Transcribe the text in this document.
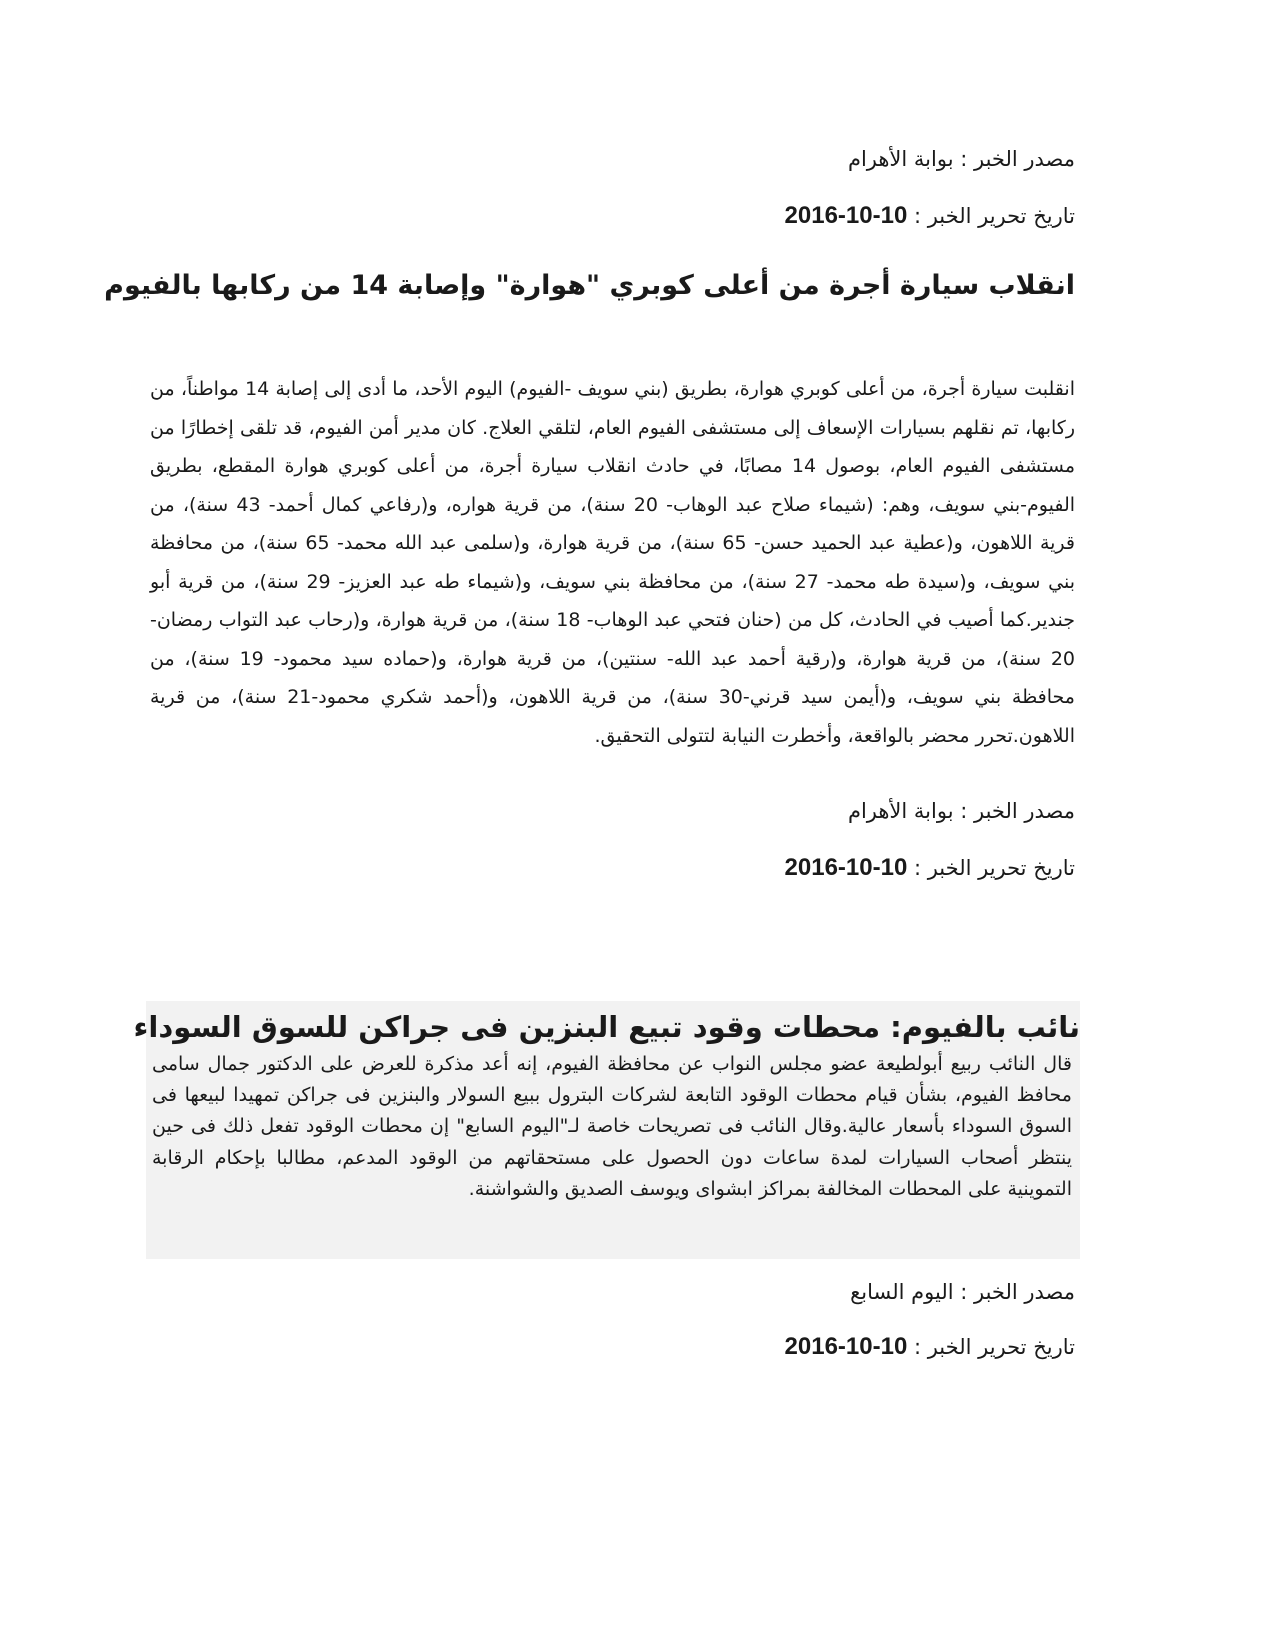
مصدر الخبر : بوابة الأهرام
تاريخ تحرير الخبر : 2016-10-10
انقلاب سيارة أجرة من أعلى كوبري "هوارة" وإصابة 14 من ركابها بالفيوم
انقلبت سيارة أجرة، من أعلى كوبري هوارة، بطريق (بني سويف -الفيوم) اليوم الأحد، ما أدى إلى إصابة 14 مواطناً، من ركابها، تم نقلهم بسيارات الإسعاف إلى مستشفى الفيوم العام، لتلقي العلاج. كان مدير أمن الفيوم، قد تلقى إخطارًا من مستشفى الفيوم العام، بوصول 14 مصابًا، في حادث انقلاب سيارة أجرة، من أعلى كوبري هوارة المقطع، بطريق الفيوم-بني سويف، وهم: (شيماء صلاح عبد الوهاب- 20 سنة)، من قرية هواره، و(رفاعي كمال أحمد- 43 سنة)، من قرية اللاهون، و(عطية عبد الحميد حسن- 65 سنة)، من قرية هوارة، و(سلمى عبد الله محمد- 65 سنة)، من محافظة بني سويف، و(سيدة طه محمد- 27 سنة)، من محافظة بني سويف، و(شيماء طه عبد العزيز- 29 سنة)، من قرية أبو جندير.كما أصيب في الحادث، كل من (حنان فتحي عبد الوهاب- 18 سنة)، من قرية هوارة، و(رحاب عبد التواب رمضان- 20 سنة)، من قرية هوارة، و(رقية أحمد عبد الله- سنتين)، من قرية هوارة، و(حماده سيد محمود- 19 سنة)، من محافظة بني سويف، و(أيمن سيد قرني-30 سنة)، من قرية اللاهون، و(أحمد شكري محمود-21 سنة)، من قرية اللاهون.تحرر محضر بالواقعة، وأخطرت النيابة لتتولى التحقيق.
مصدر الخبر : بوابة الأهرام
تاريخ تحرير الخبر : 2016-10-10
نائب بالفيوم: محطات وقود تبيع البنزين فى جراكن للسوق السوداء
قال النائب ربيع أبولطيعة عضو مجلس النواب عن محافظة الفيوم، إنه أعد مذكرة للعرض على الدكتور جمال سامى محافظ الفيوم، بشأن قيام محطات الوقود التابعة لشركات البترول ببيع السولار والبنزين فى جراكن تمهيدا لبيعها فى السوق السوداء بأسعار عالية.وقال النائب فى تصريحات خاصة لـ"اليوم السابع" إن محطات الوقود تفعل ذلك فى حين ينتظر أصحاب السيارات لمدة ساعات دون الحصول على مستحقاتهم من الوقود المدعم، مطالبا بإحكام الرقابة التموينية على المحطات المخالفة بمراكز ابشواى ويوسف الصديق والشواشنة.
مصدر الخبر : اليوم السابع
تاريخ تحرير الخبر : 2016-10-10
